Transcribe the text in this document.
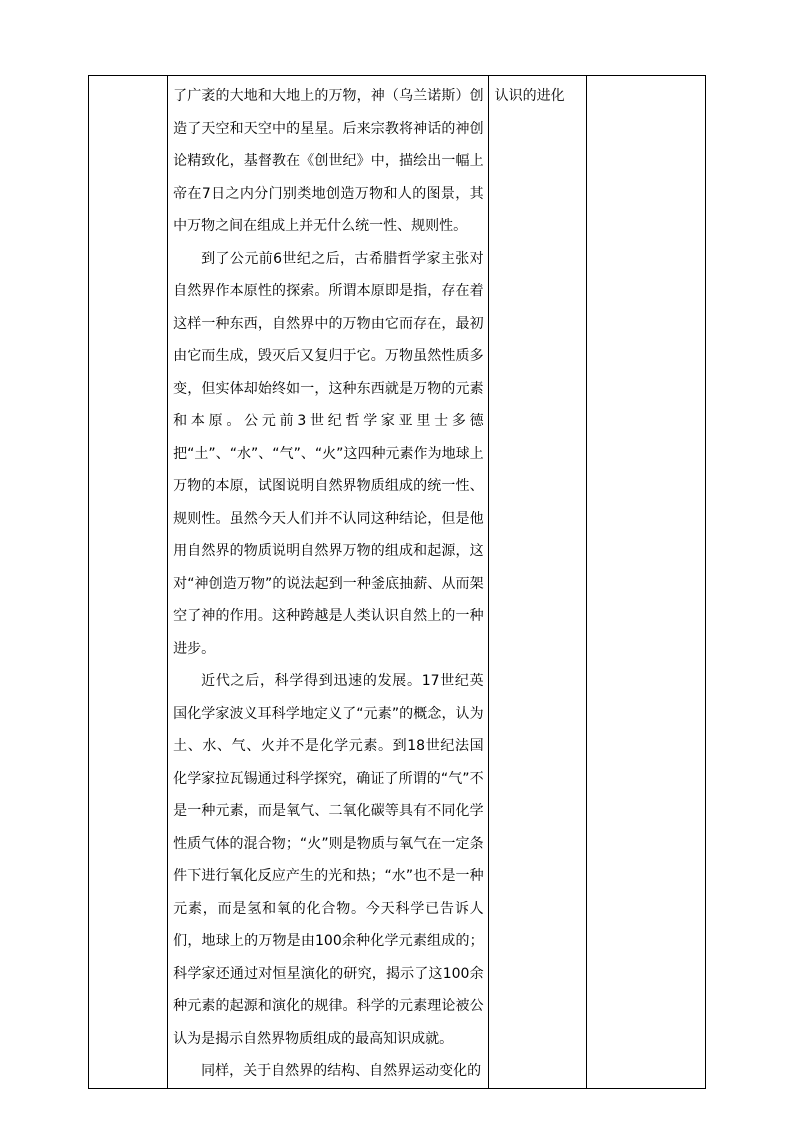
了广袤的大地和大地上的万物，神（乌兰诺斯）创造了天空和天空中的星星。后来宗教将神话的神创论精致化，基督教在《创世纪》中，描绘出一幅上帝在7日之内分门别类地创造万物和人的图景，其中万物之间在组成上并无什么统一性、规则性。

到了公元前6世纪之后，古希腊哲学家主张对自然界作本原性的探索。所谓本原即是指，存在着这样一种东西，自然界中的万物由它而存在，最初由它而生成，毁灭后又复归于它。万物虽然性质多变，但实体却始终如一，这种东西就是万物的元素和本原。公元前3世纪哲学家亚里士多德把“土”、“水”、“气”、“火”这四种元素作为地球上万物的本原，试图说明自然界物质组成的统一性、规则性。虽然今天人们并不认同这种结论，但是他用自然界的物质说明自然界万物的组成和起源，这对“神创造万物”的说法起到一种釜底抽薪、从而架空了神的作用。这种跨越是人类认识自然上的一种进步。

近代之后，科学得到迅速的发展。17世纪英国化学家波义耳科学地定义了“元素”的概念，认为土、水、气、火并不是化学元素。到18世纪法国化学家拉瓦锡通过科学探究，确证了所谓的“气”不是一种元素，而是氧气、二氧化碳等具有不同化学性质气体的混合物；“火”则是物质与氧气在一定条件下进行氧化反应产生的光和热；“水”也不是一种元素，而是氢和氧的化合物。今天科学已告诉人们，地球上的万物是由100余种化学元素组成的；科学家还通过对恒星演化的研究，揭示了这100余种元素的起源和演化的规律。科学的元素理论被公认为是揭示自然界物质组成的最高知识成就。

同样，关于自然界的结构、自然界运动变化的

认识的进化
